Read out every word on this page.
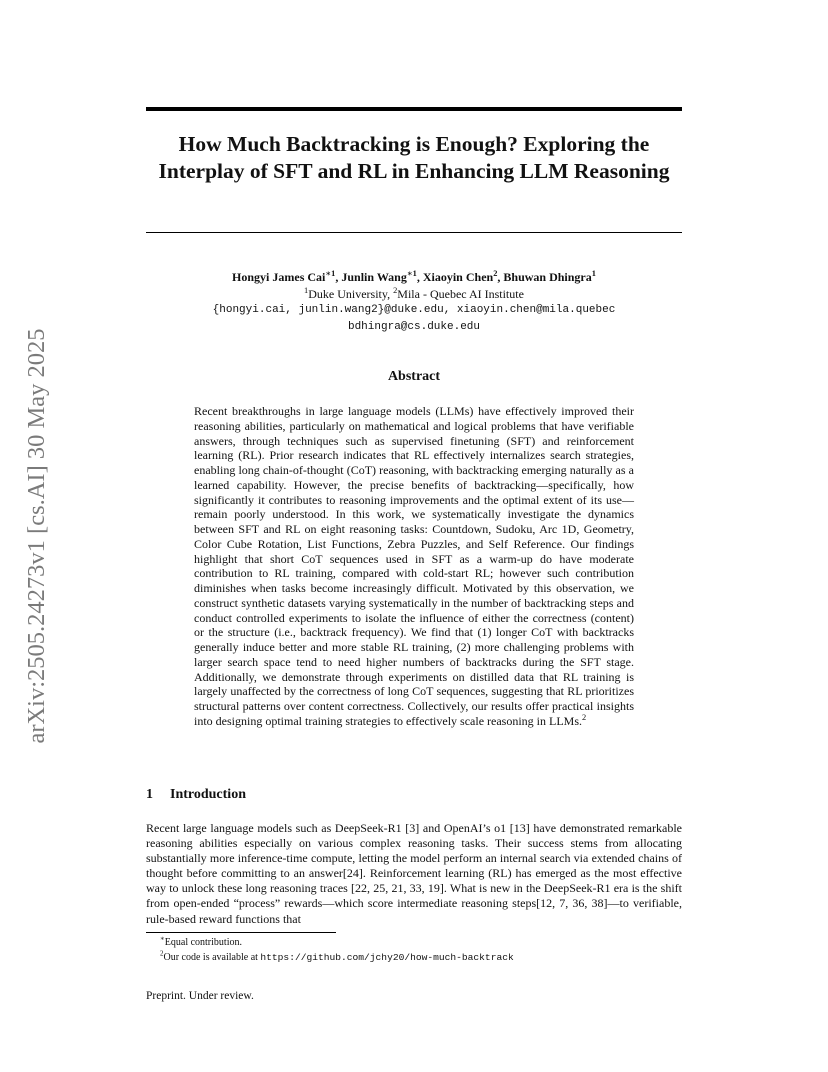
arXiv:2505.24273v1 [cs.AI] 30 May 2025
How Much Backtracking is Enough? Exploring the Interplay of SFT and RL in Enhancing LLM Reasoning
Hongyi James Cai$^{∗1}$, Junlin Wang$^{∗1}$, Xiaoyin Chen$^2$, Bhuwan Dhingra$^1$
$^1$Duke University, $^2$Mila - Quebec AI Institute
{hongyi.cai, junlin.wang2}@duke.edu, xiaoyin.chen@mila.quebec
bdhingra@cs.duke.edu
Abstract

Recent breakthroughs in large language models (LLMs) have effectively improved their reasoning abilities, particularly on mathematical and logical problems that have verifiable answers, through techniques such as supervised finetuning (SFT) and reinforcement learning (RL). Prior research indicates that RL effectively internalizes search strategies, enabling long chain-of-thought (CoT) reasoning, with backtracking emerging naturally as a learned capability. However, the precise benefits of backtracking—specifically, how significantly it contributes to reasoning improvements and the optimal extent of its use—remain poorly understood. In this work, we systematically investigate the dynamics between SFT and RL on eight reasoning tasks: Countdown, Sudoku, Arc 1D, Geometry, Color Cube Rotation, List Functions, Zebra Puzzles, and Self Reference. Our findings highlight that short CoT sequences used in SFT as a warm-up do have moderate contribution to RL training, compared with cold-start RL; however such contribution diminishes when tasks become increasingly difficult. Motivated by this observation, we construct synthetic datasets varying systematically in the number of backtracking steps and conduct controlled experiments to isolate the influence of either the correctness (content) or the structure (i.e., backtrack frequency). We find that (1) longer CoT with backtracks generally induce better and more stable RL training, (2) more challenging problems with larger search space tend to need higher numbers of backtracks during the SFT stage. Additionally, we demonstrate through experiments on distilled data that RL training is largely unaffected by the correctness of long CoT sequences, suggesting that RL prioritizes structural patterns over content correctness. Collectively, our results offer practical insights into designing optimal training strategies to effectively scale reasoning in LLMs.$^2$

1 Introduction

Recent large language models such as DeepSeek-R1 [3] and OpenAI’s o1 [13] have demonstrated remarkable reasoning abilities especially on various complex reasoning tasks. Their success stems from allocating substantially more inference-time compute, letting the model perform an internal search via extended chains of thought before committing to an answer[24]. Reinforcement learning (RL) has emerged as the most effective way to unlock these long reasoning traces [22, 25, 21, 33, 19]. What is new in the DeepSeek-R1 era is the shift from open-ended “process” rewards—which score intermediate reasoning steps[12, 7, 36, 38]—to verifiable, rule-based reward functions that

∗Equal contribution.
$^2$Our code is available at https://github.com/jchy20/how-much-backtrack
Preprint. Under review.
